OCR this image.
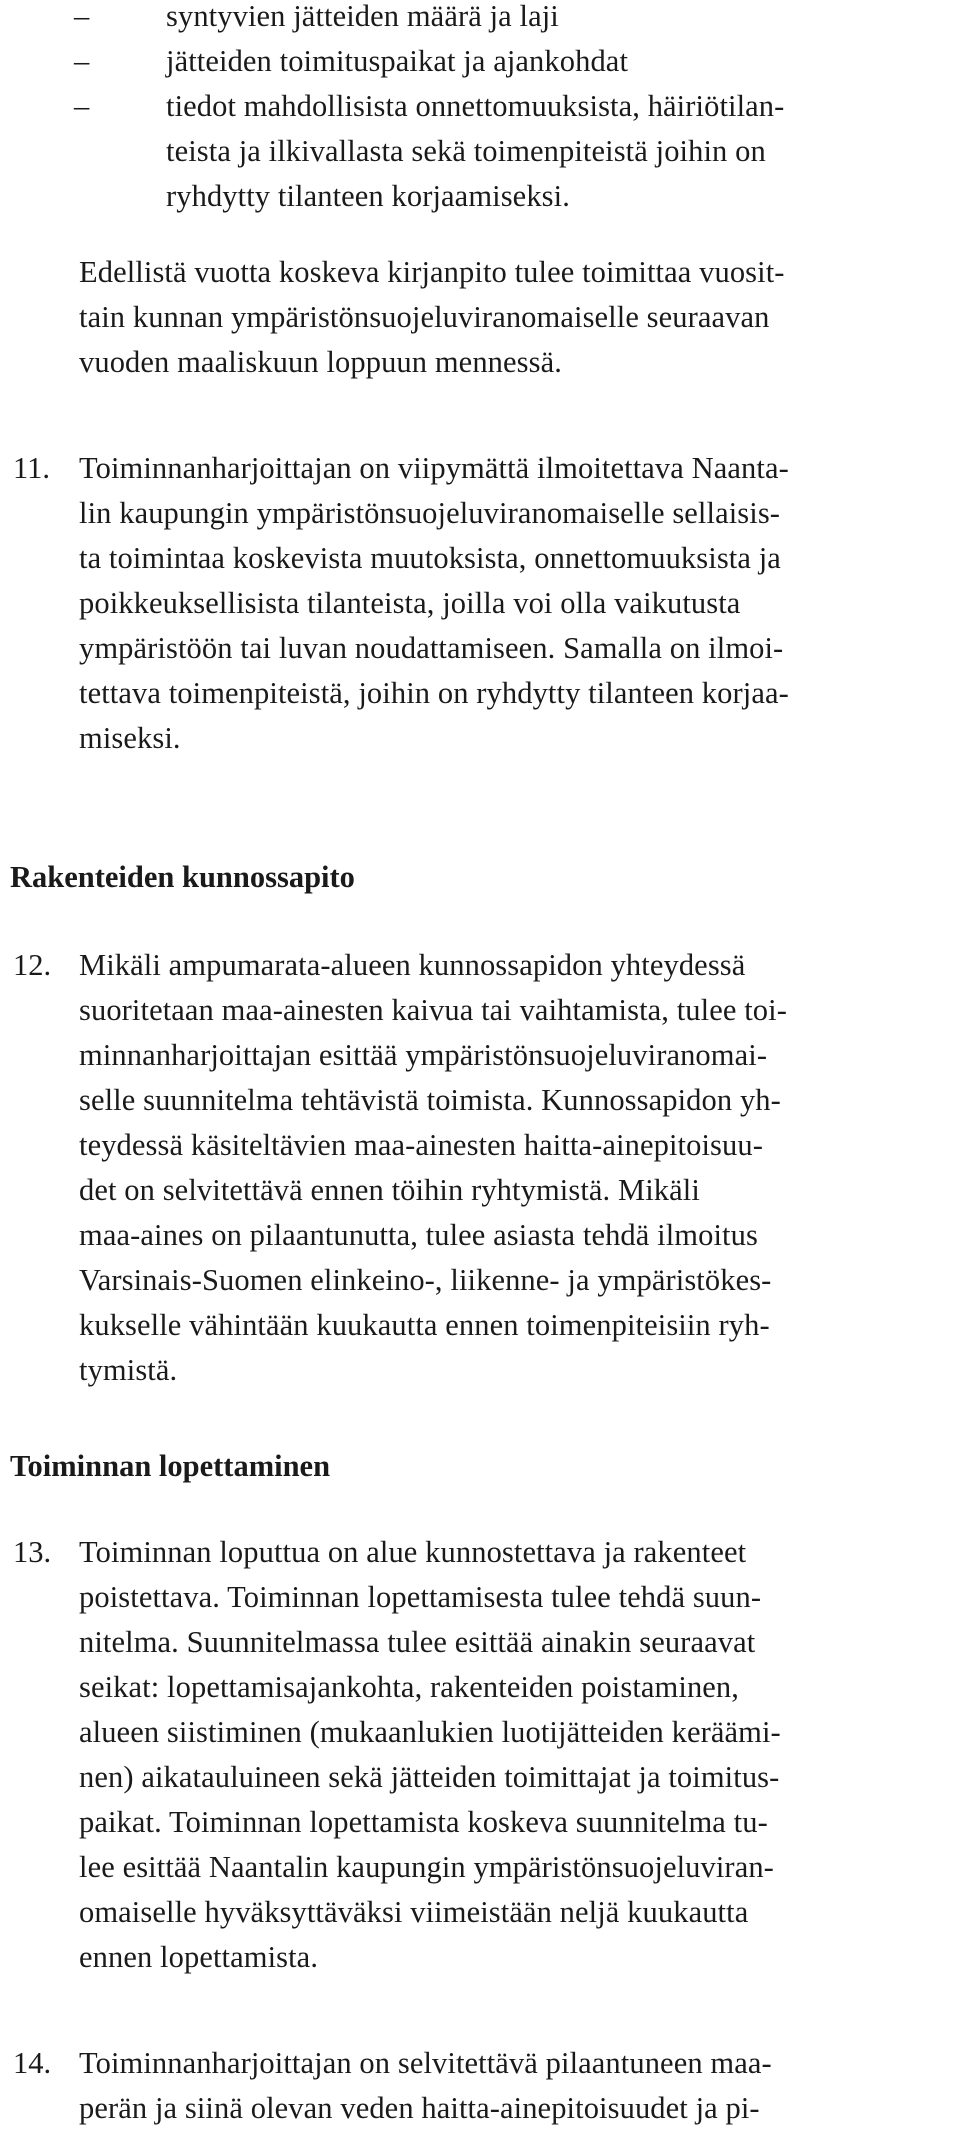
–	syntyvien jätteiden määrä ja laji
–	jätteiden toimituspaikat ja ajankohdat
–	tiedot mahdollisista onnettomuuksista, häiriötilan-
teista ja ilkivallasta sekä toimenpiteistä joihin on
ryhdytty tilanteen korjaamiseksi.
Edellistä vuotta koskeva kirjanpito tulee toimittaa vuosit-
tain kunnan ympäristönsuojeluviranomaiselle seuraavan
vuoden maaliskuun loppuun mennessä.
11. Toiminnanharjoittajan on viipymättä ilmoitettava Naanta-
lin kaupungin ympäristönsuojeluviranomaiselle sellaisis-
ta toimintaa koskevista muutoksista, onnettomuuksista ja
poikkeuksellisista tilanteista, joilla voi olla vaikutusta
ympäristöön tai luvan noudattamiseen. Samalla on ilmoi-
tettava toimenpiteistä, joihin on ryhdytty tilanteen korjaa-
miseksi.
Rakenteiden kunnossapito
12. Mikäli ampumarata-alueen kunnossapidon yhteydessä
suoritetaan maa-ainesten kaivua tai vaihtamista, tulee toi-
minnanharjoittajan esittää ympäristönsuojeluviranomai-
selle suunnitelma tehtävistä toimista. Kunnossapidon yh-
teydessä käsiteltävien maa-ainesten haitta-ainepitoisuu-
det on selvitettävä ennen töihin ryhtymistä. Mikäli
maa-aines on pilaantunutta, tulee asiasta tehdä ilmoitus
Varsinais-Suomen elinkeino-, liikenne- ja ympäristökes-
kukselle vähintään kuukautta ennen toimenpiteisiin ryh-
tymistä.
Toiminnan lopettaminen
13. Toiminnan loputtua on alue kunnostettava ja rakenteet
poistettava. Toiminnan lopettamisesta tulee tehdä suun-
nitelma. Suunnitelmassa tulee esittää ainakin seuraavat
seikat: lopettamisajankohta, rakenteiden poistaminen,
alueen siistiminen (mukaanlukien luotijätteiden keräämi-
nen) aikatauluineen sekä jätteiden toimittajat ja toimitus-
paikat. Toiminnan lopettamista koskeva suunnitelma tu-
lee esittää Naantalin kaupungin ympäristönsuojeluviran-
omaiselle hyväksyttäväksi viimeistään neljä kuukautta
ennen lopettamista.
14. Toiminnanharjoittajan on selvitettävä pilaantuneen maa-
perän ja siinä olevan veden haitta-ainepitoisuudet ja pi-
